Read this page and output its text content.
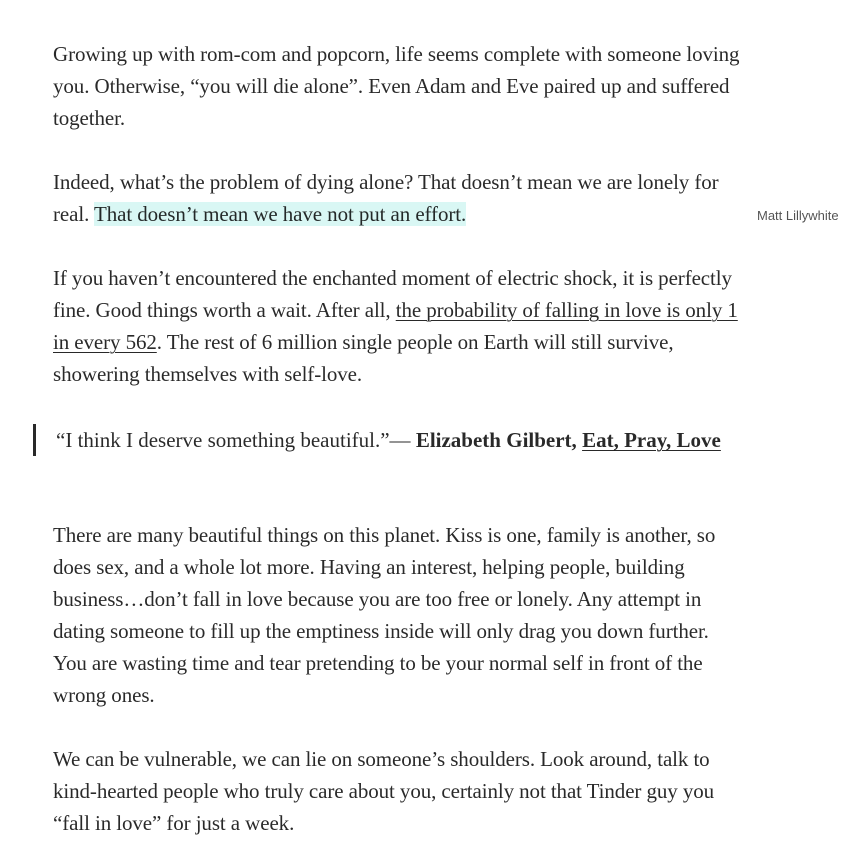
Growing up with rom-com and popcorn, life seems complete with someone loving you. Otherwise, “you will die alone”. Even Adam and Eve paired up and suffered together.

Indeed, what’s the problem of dying alone? That doesn’t mean we are lonely for real. That doesn’t mean we have not put an effort.

If you haven’t encountered the enchanted moment of electric shock, it is perfectly fine. Good things worth a wait. After all, the probability of falling in love is only 1 in every 562. The rest of 6 million single people on Earth will still survive, showering themselves with self-love.

There are many beautiful things on this planet. Kiss is one, family is another, so does sex, and a whole lot more. Having an interest, helping people, building business…don’t fall in love because you are too free or lonely. Any attempt in dating someone to fill up the emptiness inside will only drag you down further. You are wasting time and tear pretending to be your normal self in front of the wrong ones.

We can be vulnerable, we can lie on someone’s shoulders. Look around, talk to kind-hearted people who truly care about you, certainly not that Tinder guy you “fall in love” for just a week.

“I think I deserve something beautiful.”— Elizabeth Gilbert, Eat, Pray, Love
Matt Lillywhite
